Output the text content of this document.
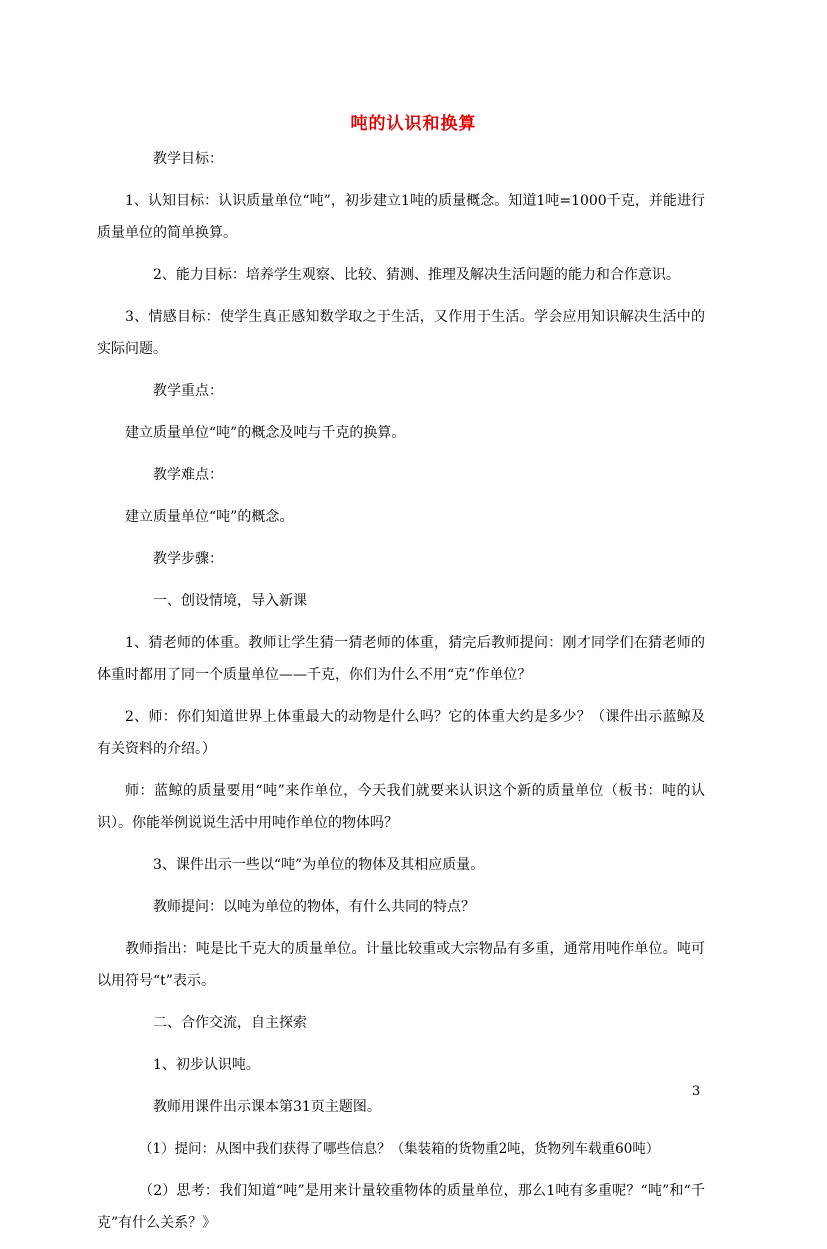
吨的认识和换算

教学目标：

1、认知目标：认识质量单位“吨”，初步建立1吨的质量概念。知道1吨=1000千克，并能进行质量单位的简单换算。

2、能力目标：培养学生观察、比较、猜测、推理及解决生活问题的能力和合作意识。

3、情感目标：使学生真正感知数学取之于生活，又作用于生活。学会应用知识解决生活中的实际问题。

教学重点：

建立质量单位“吨”的概念及吨与千克的换算。

教学难点：

建立质量单位“吨”的概念。

教学步骤：

一、创设情境，导入新课

1、猜老师的体重。教师让学生猜一猜老师的体重，猜完后教师提问：刚才同学们在猜老师的体重时都用了同一个质量单位——千克，你们为什么不用“克”作单位？

2、师：你们知道世界上体重最大的动物是什么吗？它的体重大约是多少？（课件出示蓝鲸及有关资料的介绍。）

师：蓝鲸的质量要用“吨”来作单位，今天我们就要来认识这个新的质量单位（板书：吨的认识）。你能举例说说生活中用吨作单位的物体吗？

3、课件出示一些以“吨”为单位的物体及其相应质量。

教师提问：以吨为单位的物体，有什么共同的特点？

教师指出：吨是比千克大的质量单位。计量比较重或大宗物品有多重，通常用吨作单位。吨可以用符号“t”表示。

二、合作交流，自主探索

1、初步认识吨。

教师用课件出示课本第31页主题图。

（1）提问：从图中我们获得了哪些信息？（集装箱的货物重2吨，货物列车载重60吨）

（2）思考：我们知道“吨”是用来计量较重物体的质量单位，那么1吨有多重呢？“吨”和“千克”有什么关系？》

3
